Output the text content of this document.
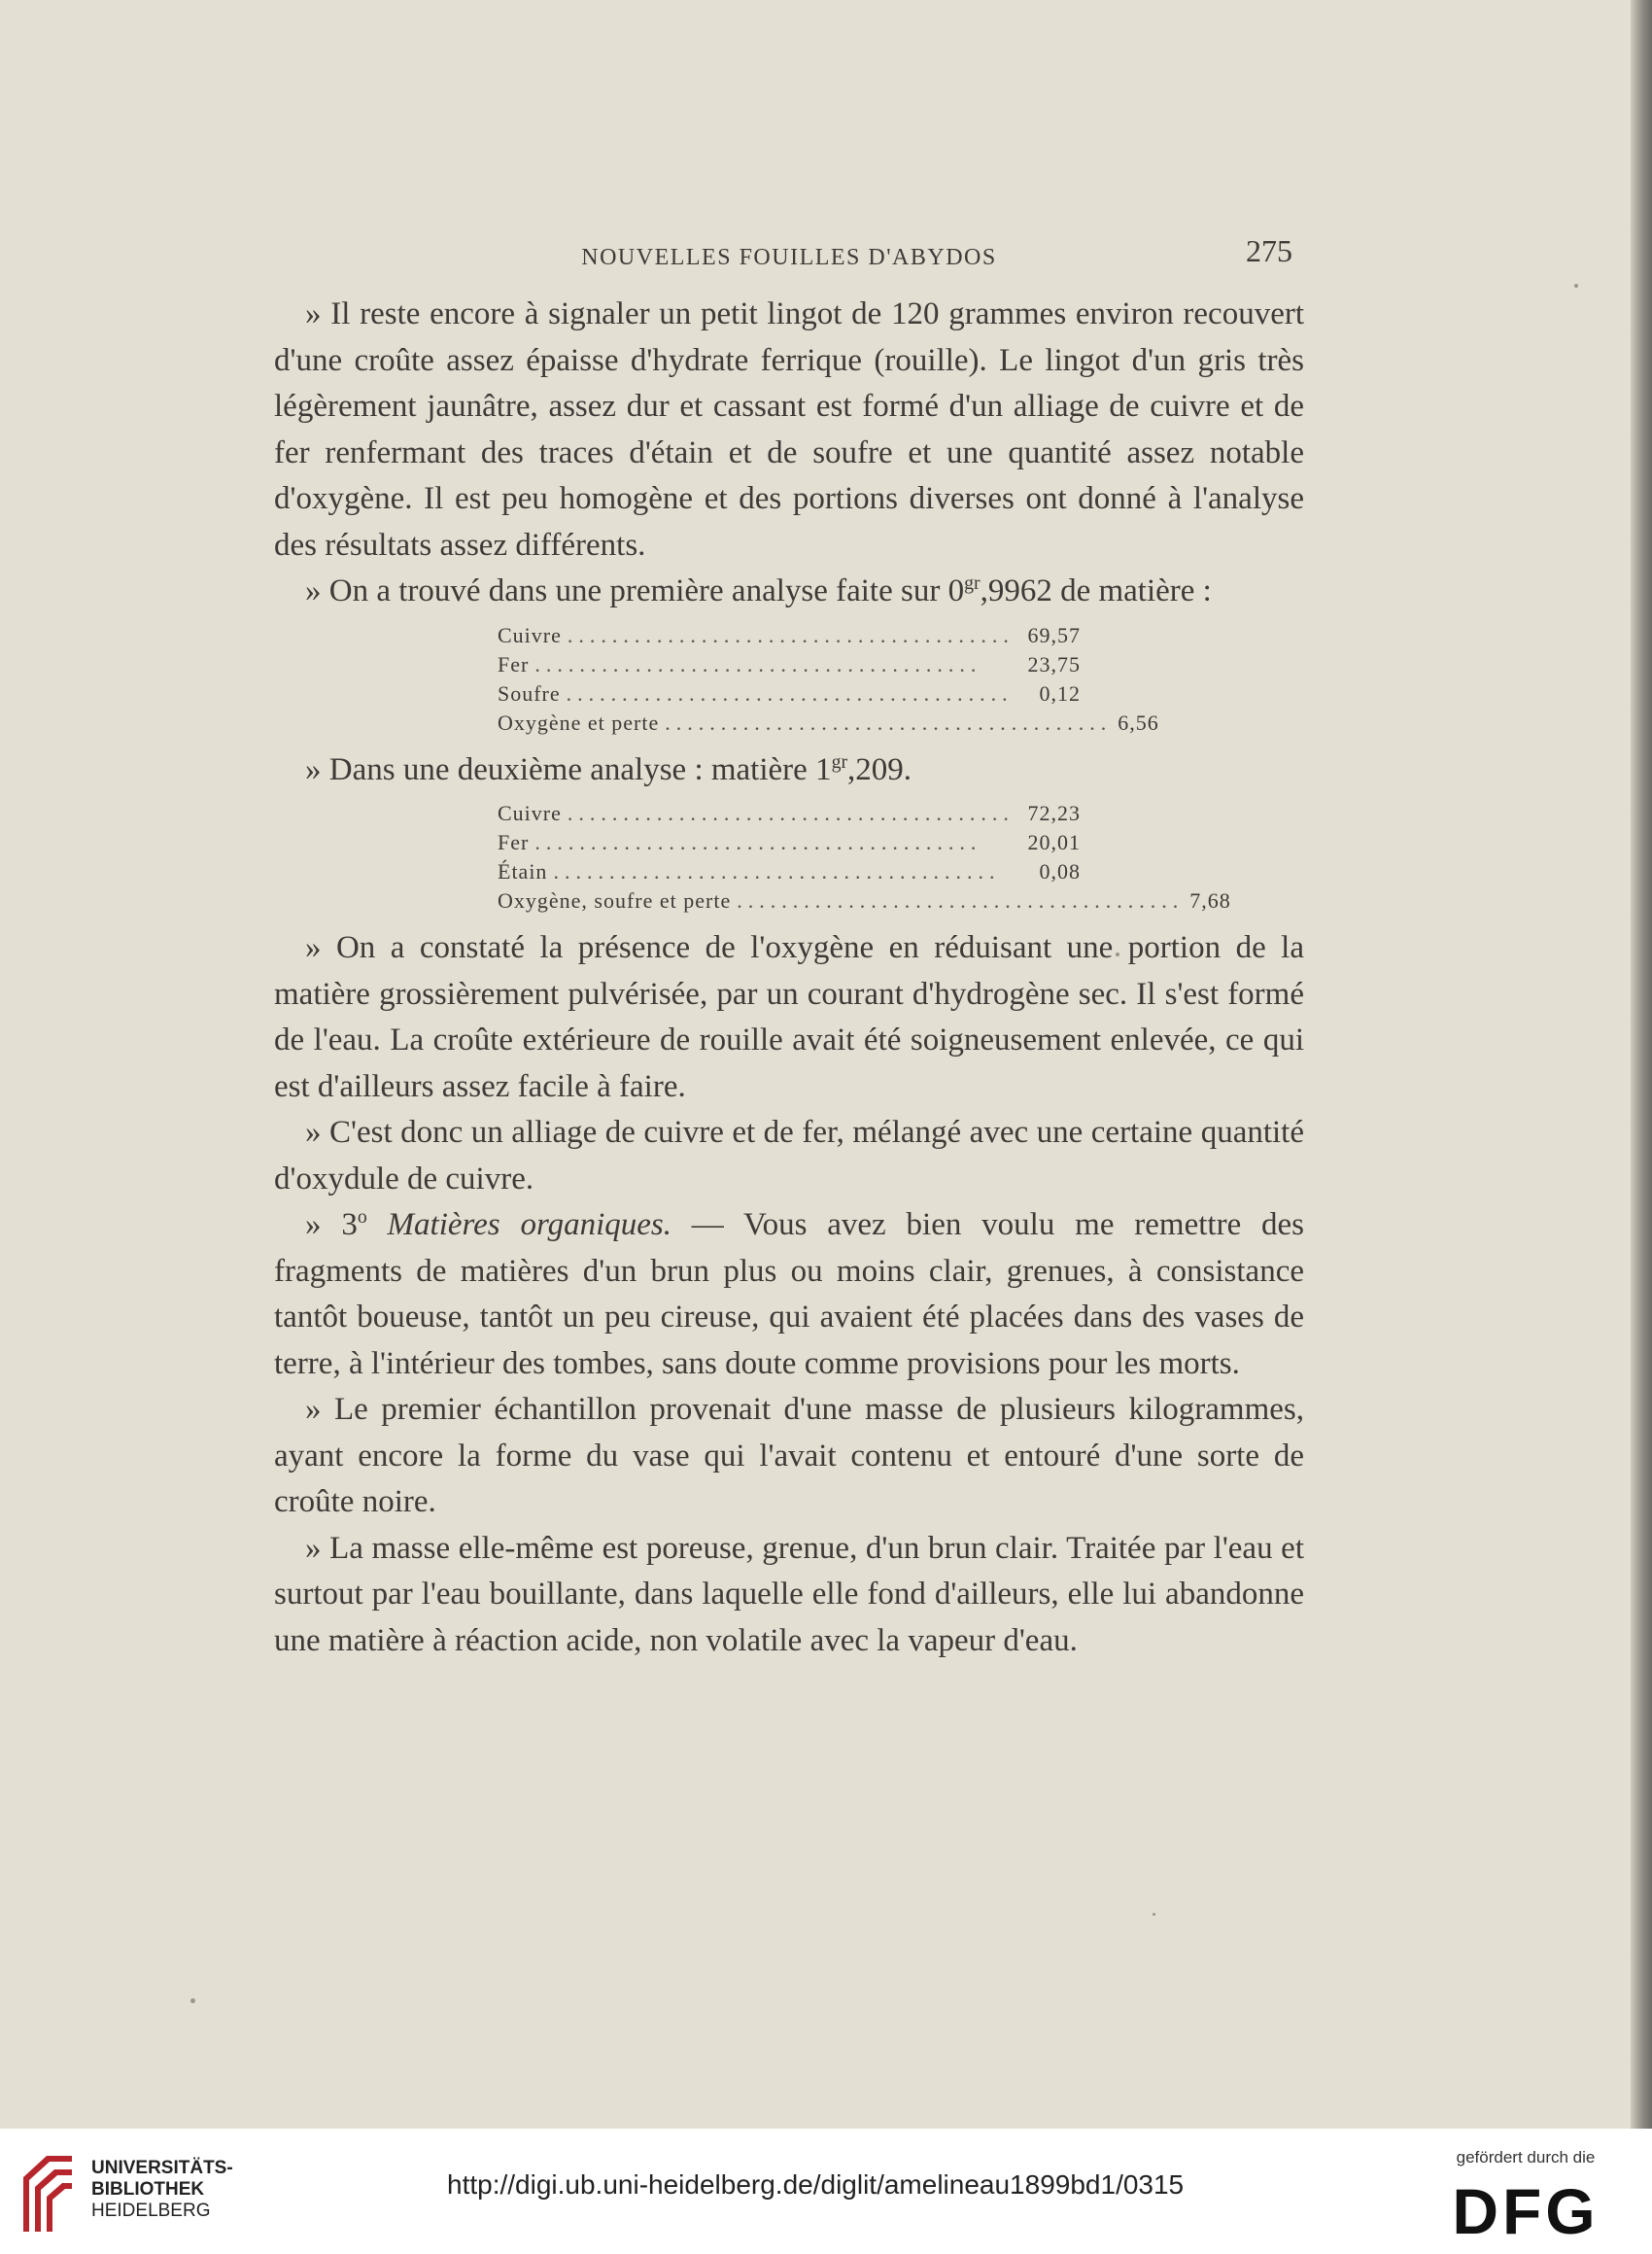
NOUVELLES FOUILLES D'ABYDOS	275

» Il reste encore à signaler un petit lingot de 120 grammes environ recouvert d'une croûte assez épaisse d'hydrate ferrique (rouille). Le lingot d'un gris très légèrement jaunâtre, assez dur et cassant est formé d'un alliage de cuivre et de fer renfermant des traces d'étain et de soufre et une quantité assez notable d'oxygène. Il est peu homogène et des portions diverses ont donné à l'analyse des résultats assez différents.

» On a trouvé dans une première analyse faite sur $0^{gr},9962$ de matière :

Cuivre ........................................ 69,57
Fer ........................................	23,75
Soufre ........................................	0,12
Oxygène et perte ........................................ 6,56

» Dans une deuxième analyse : matière $1^{gr},209$.

Cuivre ........................................ 72,23
Fer ........................................	20,01
Étain ........................................	0,08
Oxygène, soufre et perte ........................................ 7,68

» On a constaté la présence de l'oxygène en réduisant une portion de la matière grossièrement pulvérisée, par un courant d'hydrogène sec. Il s'est formé de l'eau. La croûte extérieure de rouille avait été soigneusement enlevée, ce qui est d'ailleurs assez facile à faire.

» C'est donc un alliage de cuivre et de fer, mélangé avec une certaine quantité d'oxydule de cuivre.

» 3$^o$ Matières organiques. — Vous avez bien voulu me remettre des fragments de matières d'un brun plus ou moins clair, grenues, à consistance tantôt boueuse, tantôt un peu cireuse, qui avaient été placées dans des vases de terre, à l'intérieur des tombes, sans doute comme provisions pour les morts.

» Le premier échantillon provenait d'une masse de plusieurs kilogrammes, ayant encore la forme du vase qui l'avait contenu et entouré d'une sorte de croûte noire.

» La masse elle-même est poreuse, grenue, d'un brun clair. Traitée par l'eau et surtout par l'eau bouillante, dans laquelle elle fond d'ailleurs, elle lui abandonne une matière à réaction acide, non volatile avec la vapeur d'eau.

UNIVERSITÄTS-
BIBLIOTHEK
HEIDELBERG
http://digi.ub.uni-heidelberg.de/diglit/amelineau1899bd1/0315
gefördert durch die
DFG
